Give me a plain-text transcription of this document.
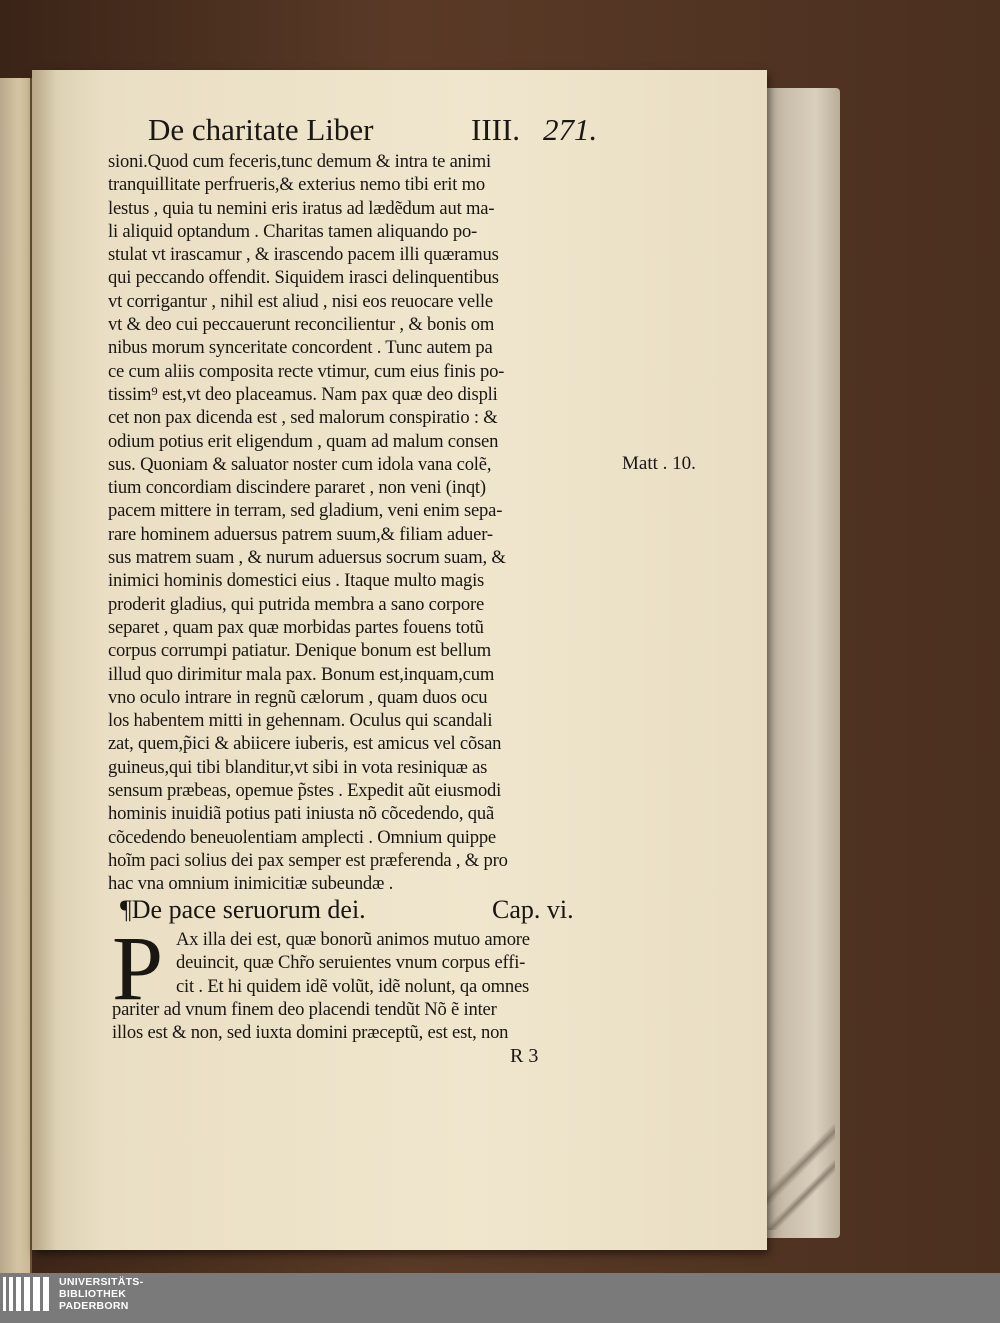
De charitate Liber	IIII. 271.
sioni.Quod cum feceris,tunc demum & intra te animi
tranquillitate perfrueris,& exterius nemo tibi erit mo
lestus , quia tu nemini eris iratus ad lædẽdum aut ma-
li aliquid optandum . Charitas tamen aliquando po-
stulat vt irascamur , & irascendo pacem illi quæramus
qui peccando offendit. Siquidem irasci delinquentibus
vt corrigantur , nihil est aliud , nisi eos reuocare velle
vt & deo cui peccauerunt reconcilientur , & bonis om
nibus morum synceritate concordent . Tunc autem pa
ce cum aliis composita recte vtimur, cum eius finis po-
tissim⁹ est,vt deo placeamus. Nam pax quæ deo displi
cet non pax dicenda est , sed malorum conspiratio : &
odium potius erit eligendum , quam ad malum consen
sus. Quoniam & saluator noster cum idola vana colẽ,
tium concordiam discindere pararet , non veni (inqt)
pacem mittere in terram, sed gladium, veni enim sepa-
rare hominem aduersus patrem suum,& filiam aduer-
sus matrem suam , & nurum aduersus socrum suam, &
inimici hominis domestici eius . Itaque multo magis
proderit gladius, qui putrida membra a sano corpore
separet , quam pax quæ morbidas partes fouens totũ
corpus corrumpi patiatur. Denique bonum est bellum
illud quo dirimitur mala pax. Bonum est,inquam,cum
vno oculo intrare in regnũ cælorum , quam duos ocu
los habentem mitti in gehennam. Oculus qui scandali
zat, quem,p̃ici & abiicere iuberis, est amicus vel cõsan
guineus,qui tibi blanditur,vt sibi in vota resiniquæ as
sensum præbeas, opemue p̃stes . Expedit aũt eiusmodi
hominis inuidiã potius pati iniusta nõ cõcedendo, quã
cõcedendo beneuolentiam amplecti . Omnium quippe
hoĩm paci solius dei pax semper est præferenda , & pro
hac vna omnium inimicitiæ subeundæ .
Matt . 10.
¶De pace seruorum dei.	Cap. vi.
P Ax illa dei est, quæ bonorũ animos mutuo amore
deuincit, quæ Chr̃o seruientes vnum corpus effi-
cit . Et hi quidem idẽ volũt, idẽ nolunt, qa omnes
pariter ad vnum finem deo placendi tendũt Nõ ẽ inter
illos est & non, sed iuxta domini præceptũ, est est, non
R 3
UNIVERSITÄTS-
BIBLIOTHEK
PADERBORN
